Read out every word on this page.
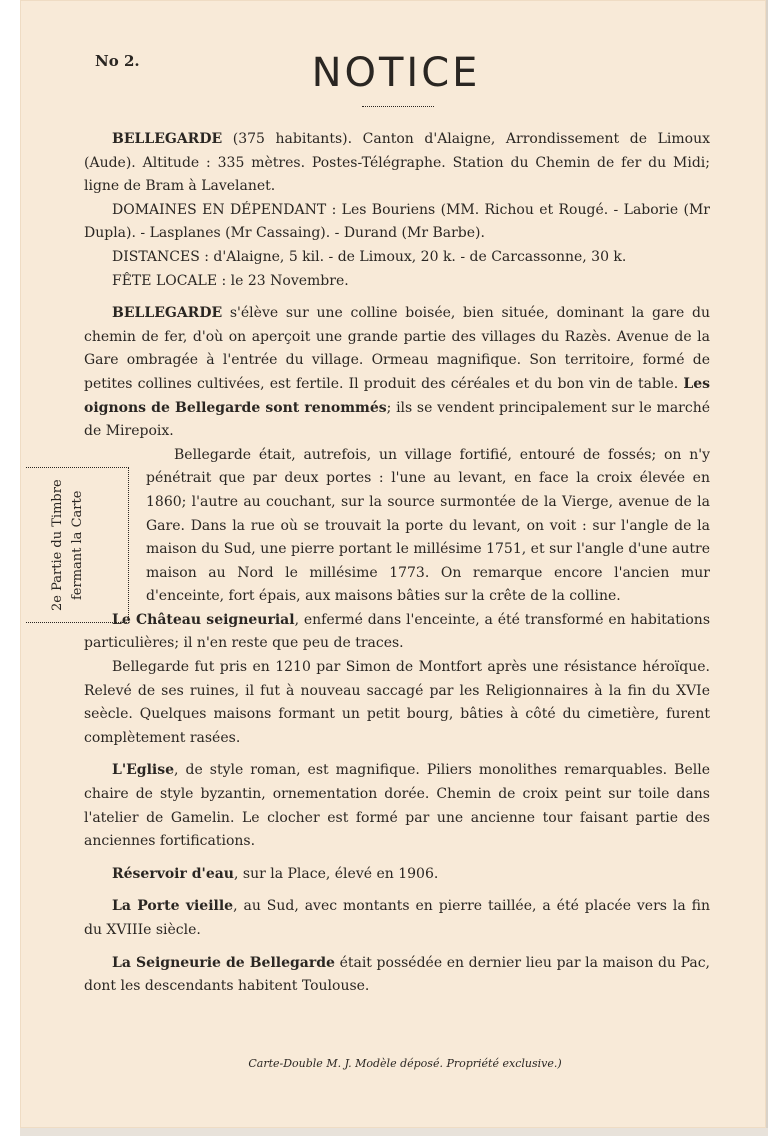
No 2.	NOTICE
2e Partie du Timbre fermant la Carte

BELLEGARDE (375 habitants). Canton d'Alaigne, Arrondissement de Limoux (Aude). Altitude : 335 mètres. Postes-Télégraphe. Station du Chemin de fer du Midi; ligne de Bram à Lavelanet.

DOMAINES EN DÉPENDANT : Les Bouriens (MM. Richou et Rougé. - Laborie (Mr Dupla). - Lasplanes (Mr Cassaing). - Durand (Mr Barbe).

DISTANCES : d'Alaigne, 5 kil. - de Limoux, 20 k. - de Carcassonne, 30 k.

FÊTE LOCALE : le 23 Novembre.

BELLEGARDE s'élève sur une colline boisée, bien située, dominant la gare du chemin de fer, d'où on aperçoit une grande partie des villages du Razès. Avenue de la Gare ombragée à l'entrée du village. Ormeau magnifique. Son territoire, formé de petites collines cultivées, est fertile. Il produit des céréales et du bon vin de table. Les oignons de Bellegarde sont renommés; ils se vendent principalement sur le marché de Mirepoix.

Bellegarde était, autrefois, un village fortifié, entouré de fossés; on n'y pénétrait que par deux portes : l'une au levant, en face la croix élevée en 1860; l'autre au couchant, sur la source surmontée de la Vierge, avenue de la Gare. Dans la rue où se trouvait la porte du levant, on voit : sur l'angle de la maison du Sud, une pierre portant le millésime 1751, et sur l'angle d'une autre maison au Nord le millésime 1773. On remarque encore l'ancien mur d'enceinte, fort épais, aux maisons bâties sur la crête de la colline.

Le Château seigneurial, enfermé dans l'enceinte, a été transformé en habitations particulières; il n'en reste que peu de traces.

Bellegarde fut pris en 1210 par Simon de Montfort après une résistance héroïque. Relevé de ses ruines, il fut à nouveau saccagé par les Religionnaires à la fin du XVIe seècle. Quelques maisons formant un petit bourg, bâties à côté du cimetière, furent complètement rasées.

L'Eglise, de style roman, est magnifique. Piliers monolithes remarquables. Belle chaire de style byzantin, ornementation dorée. Chemin de croix peint sur toile dans l'atelier de Gamelin. Le clocher est formé par une ancienne tour faisant partie des anciennes fortifications.

Réservoir d'eau, sur la Place, élevé en 1906.

La Porte vieille, au Sud, avec montants en pierre taillée, a été placée vers la fin du XVIIIe siècle.

La Seigneurie de Bellegarde était possédée en dernier lieu par la maison du Pac, dont les descendants habitent Toulouse.

Carte-Double M. J. Modèle déposé. Propriété exclusive.)
